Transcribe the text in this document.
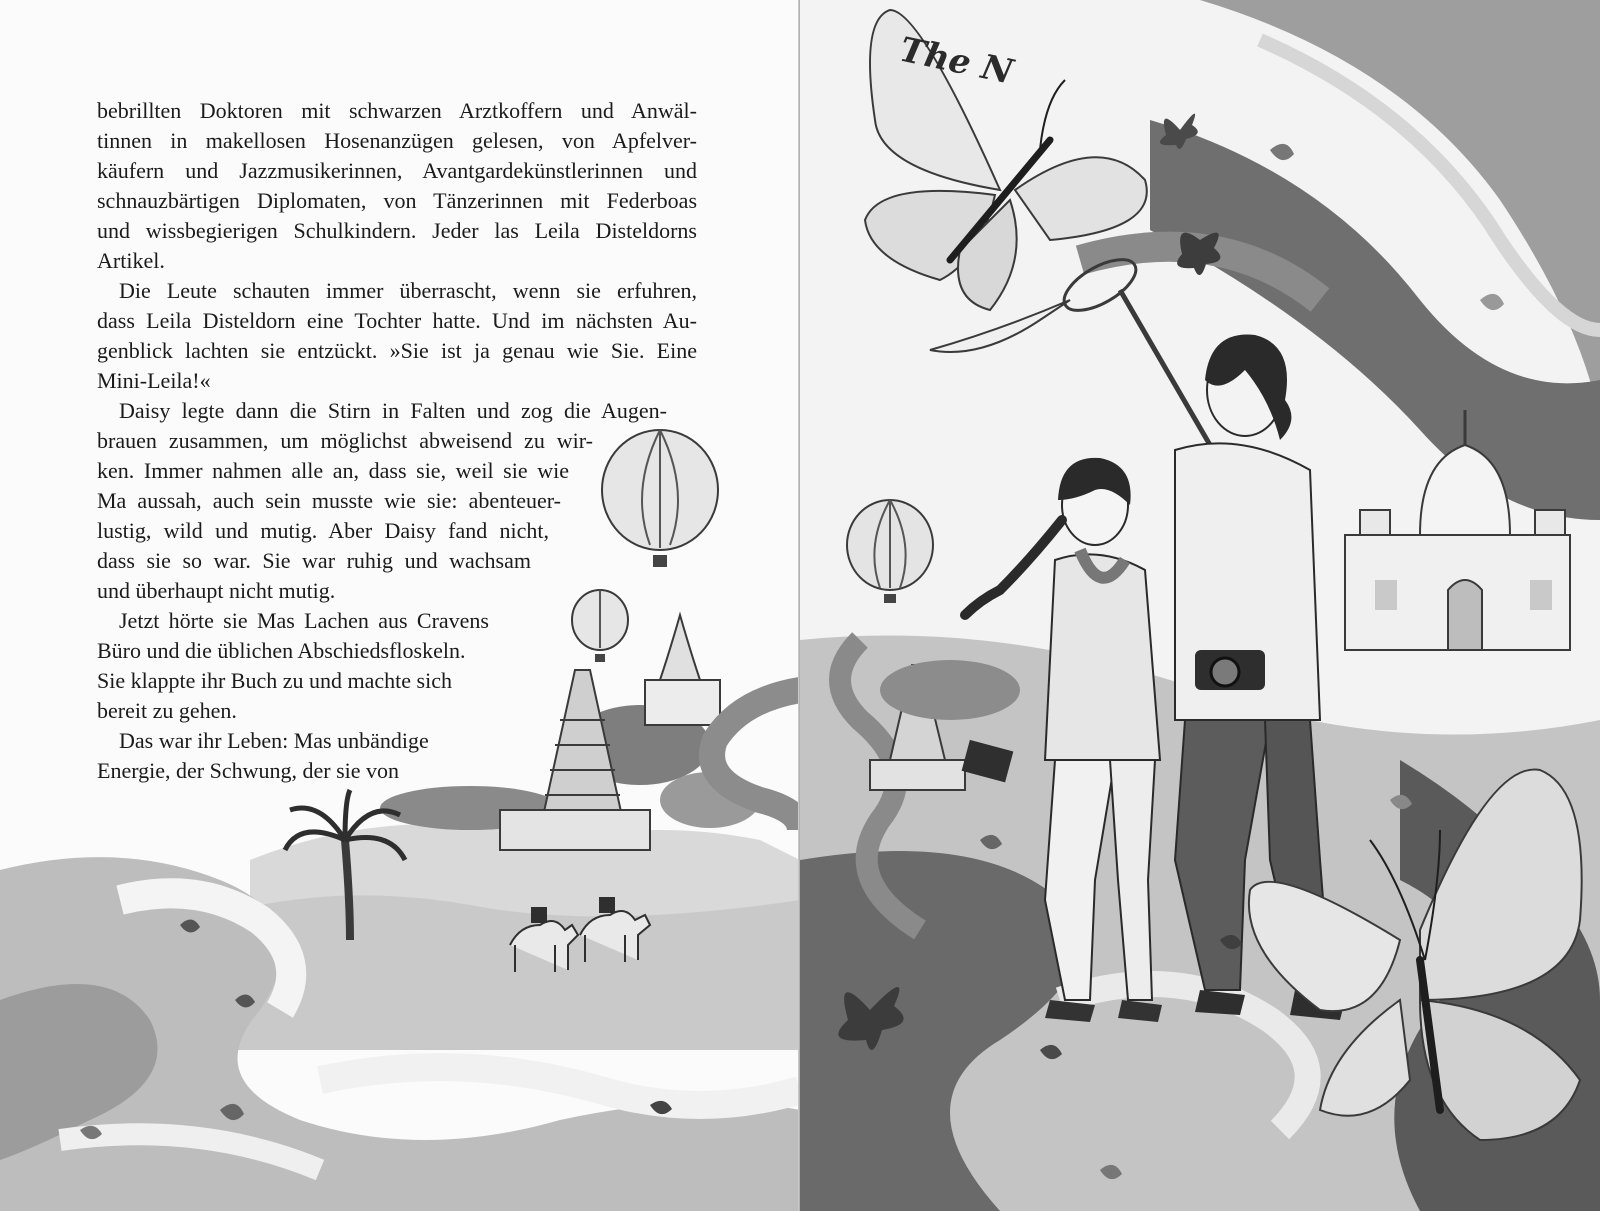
bebrillten Doktoren mit schwarzen Arztkoffern und Anwäl-
tinnen in makellosen Hosenanzügen gelesen, von Apfelver-
käufern und Jazzmusikerinnen, Avantgardekünstlerinnen und
schnauzbärtigen Diplomaten, von Tänzerinnen mit Federboas
und wissbegierigen Schulkindern. Jeder las Leila Disteldorns
Artikel.
Die Leute schauten immer überrascht, wenn sie erfuhren,
dass Leila Disteldorn eine Tochter hatte. Und im nächsten Au-
genblick lachten sie entzückt. »Sie ist ja genau wie Sie. Eine
Mini-Leila!«
Daisy legte dann die Stirn in Falten und zog die Augen-
brauen zusammen, um möglichst abweisend zu wir-
ken. Immer nahmen alle an, dass sie, weil sie wie
Ma aussah, auch sein musste wie sie: abenteuer-
lustig, wild und mutig. Aber Daisy fand nicht,
dass sie so war. Sie war ruhig und wachsam
und überhaupt nicht mutig.
Jetzt hörte sie Mas Lachen aus Cravens
Büro und die üblichen Abschiedsfloskeln.
Sie klappte ihr Buch zu und machte sich
bereit zu gehen.
Das war ihr Leben: Mas unbändige
Energie, der Schwung, der sie von
The N
